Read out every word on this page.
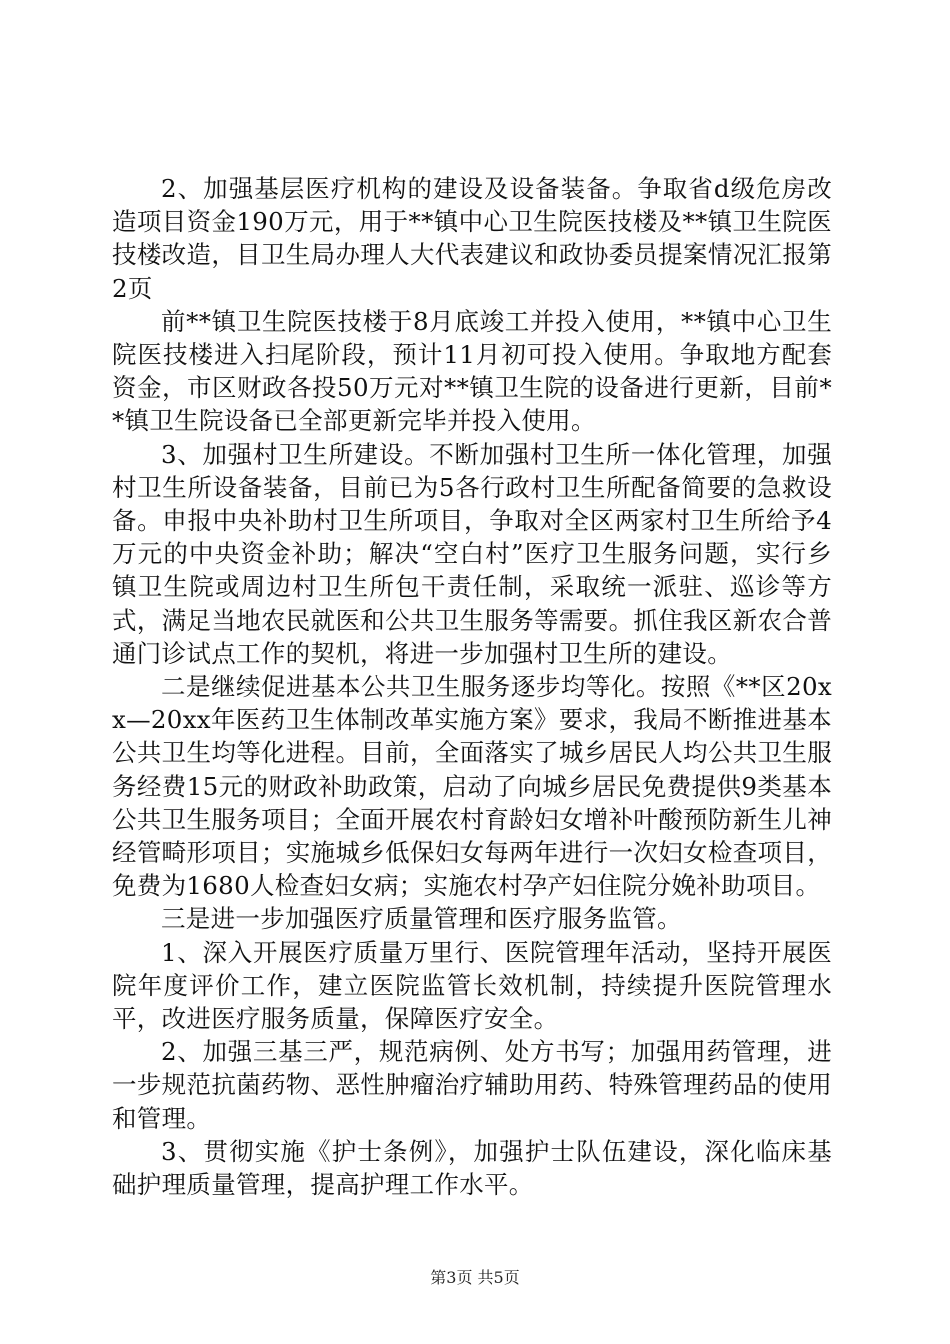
2、加强基层医疗机构的建设及设备装备。争取省d级危房改造项目资金190万元，用于**镇中心卫生院医技楼及**镇卫生院医技楼改造，目卫生局办理人大代表建议和政协委员提案情况汇报第2页

前**镇卫生院医技楼于8月底竣工并投入使用，**镇中心卫生院医技楼进入扫尾阶段，预计11月初可投入使用。争取地方配套资金，市区财政各投50万元对**镇卫生院的设备进行更新，目前**镇卫生院设备已全部更新完毕并投入使用。

3、加强村卫生所建设。不断加强村卫生所一体化管理，加强村卫生所设备装备，目前已为5各行政村卫生所配备简要的急救设备。申报中央补助村卫生所项目，争取对全区两家村卫生所给予4万元的中央资金补助；解决“空白村”医疗卫生服务问题，实行乡镇卫生院或周边村卫生所包干责任制，采取统一派驻、巡诊等方式，满足当地农民就医和公共卫生服务等需要。抓住我区新农合普通门诊试点工作的契机，将进一步加强村卫生所的建设。

二是继续促进基本公共卫生服务逐步均等化。按照《**区20xx—20xx年医药卫生体制改革实施方案》要求，我局不断推进基本公共卫生均等化进程。目前，全面落实了城乡居民人均公共卫生服务经费15元的财政补助政策，启动了向城乡居民免费提供9类基本公共卫生服务项目；全面开展农村育龄妇女增补叶酸预防新生儿神经管畸形项目；实施城乡低保妇女每两年进行一次妇女检查项目，免费为1680人检查妇女病；实施农村孕产妇住院分娩补助项目。

三是进一步加强医疗质量管理和医疗服务监管。

1、深入开展医疗质量万里行、医院管理年活动，坚持开展医院年度评价工作，建立医院监管长效机制，持续提升医院管理水平，改进医疗服务质量，保障医疗安全。

2、加强三基三严，规范病例、处方书写；加强用药管理，进一步规范抗菌药物、恶性肿瘤治疗辅助用药、特殊管理药品的使用和管理。

3、贯彻实施《护士条例》，加强护士队伍建设，深化临床基础护理质量管理，提高护理工作水平。

第3页 共5页
